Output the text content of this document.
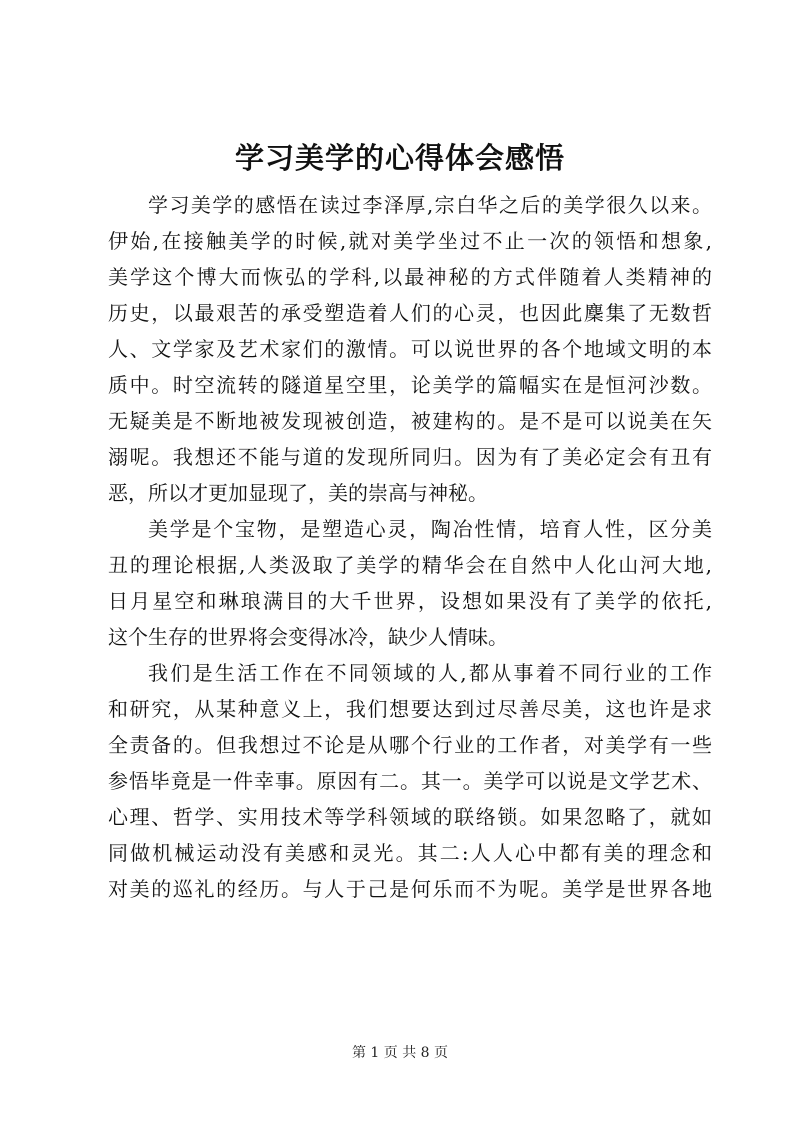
学习美学的心得体会感悟
学习美学的感悟在读过李泽厚,宗白华之后的美学很久以来。
伊始,在接触美学的时候,就对美学坐过不止一次的领悟和想象,
美学这个博大而恢弘的学科,以最神秘的方式伴随着人类精神的
历史，以最艰苦的承受塑造着人们的心灵，也因此麇集了无数哲
人、文学家及艺术家们的激情。可以说世界的各个地域文明的本
质中。时空流转的隧道星空里，论美学的篇幅实在是恒河沙数。
无疑美是不断地被发现被创造，被建构的。是不是可以说美在矢
溺呢。我想还不能与道的发现所同归。因为有了美必定会有丑有
恶，所以才更加显现了，美的崇高与神秘。
美学是个宝物，是塑造心灵，陶冶性情，培育人性，区分美
丑的理论根据,人类汲取了美学的精华会在自然中人化山河大地,
日月星空和琳琅满目的大千世界，设想如果没有了美学的依托,
这个生存的世界将会变得冰冷，缺少人情味。
我们是生活工作在不同领域的人,都从事着不同行业的工作
和研究，从某种意义上，我们想要达到过尽善尽美，这也许是求
全责备的。但我想过不论是从哪个行业的工作者，对美学有一些
参悟毕竟是一件幸事。原因有二。其一。美学可以说是文学艺术、
心理、哲学、实用技术等学科领域的联络锁。如果忽略了，就如
同做机械运动没有美感和灵光。其二:人人心中都有美的理念和
对美的巡礼的经历。与人于己是何乐而不为呢。美学是世界各地
第 1 页 共 8 页
